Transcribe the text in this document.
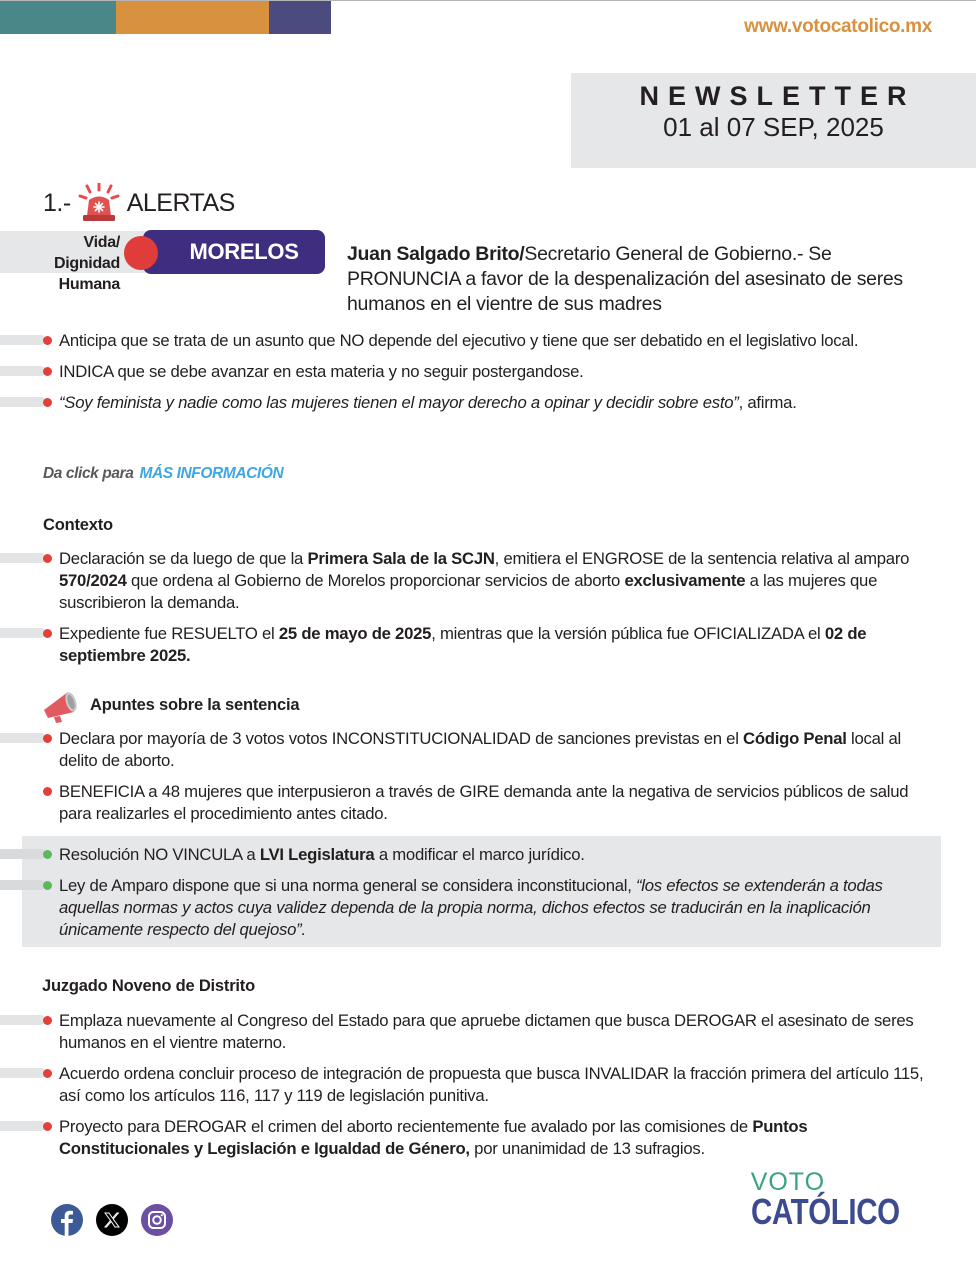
www.votocatolico.mx
NEWSLETTER
01 al 07 SEP, 2025
1.- ALERTAS
Vida/
Dignidad
Humana
MORELOS	Juan Salgado Brito/Secretario General de Gobierno.- Se PRONUNCIA a favor de la despenalización del asesinato de seres humanos en el vientre de sus madres
Anticipa que se trata de un asunto que NO depende del ejecutivo y tiene que ser debatido en el legislativo local.
INDICA que se debe avanzar en esta materia y no seguir postergandose.
“Soy feminista y nadie como las mujeres tienen el mayor derecho a opinar y decidir sobre esto”, afirma.
Da click para MÁS INFORMACIÓN
Contexto
Declaración se da luego de que la Primera Sala de la SCJN, emitiera el ENGROSE de la sentencia relativa al amparo 570/2024 que ordena al Gobierno de Morelos proporcionar servicios de aborto exclusivamente a las mujeres que suscribieron la demanda.
Expediente fue RESUELTO el 25 de mayo de 2025, mientras que la versión pública fue OFICIALIZADA el 02 de septiembre 2025.
Apuntes sobre la sentencia
Declara por mayoría de 3 votos votos INCONSTITUCIONALIDAD de sanciones previstas en el Código Penal local al delito de aborto.
BENEFICIA a 48 mujeres que interpusieron a través de GIRE demanda ante la negativa de servicios públicos de salud para realizarles el procedimiento antes citado.
Resolución NO VINCULA a LVI Legislatura a modificar el marco jurídico.
Ley de Amparo dispone que si una norma general se considera inconstitucional, “los efectos se extenderán a todas aquellas normas y actos cuya validez dependa de la propia norma, dichos efectos se traducirán en la inaplicación únicamente respecto del quejoso”.
Juzgado Noveno de Distrito
Emplaza nuevamente al Congreso del Estado para que apruebe dictamen que busca DEROGAR el asesinato de seres humanos en el vientre materno.
Acuerdo ordena concluir proceso de integración de propuesta que busca INVALIDAR la fracción primera del artículo 115, así como los artículos 116, 117 y 119 de legislación punitiva.
Proyecto para DEROGAR el crimen del aborto recientemente fue avalado por las comisiones de Puntos Constitucionales y Legislación e Igualdad de Género, por unanimidad de 13 sufragios.
VOTO
CATÓLICO
